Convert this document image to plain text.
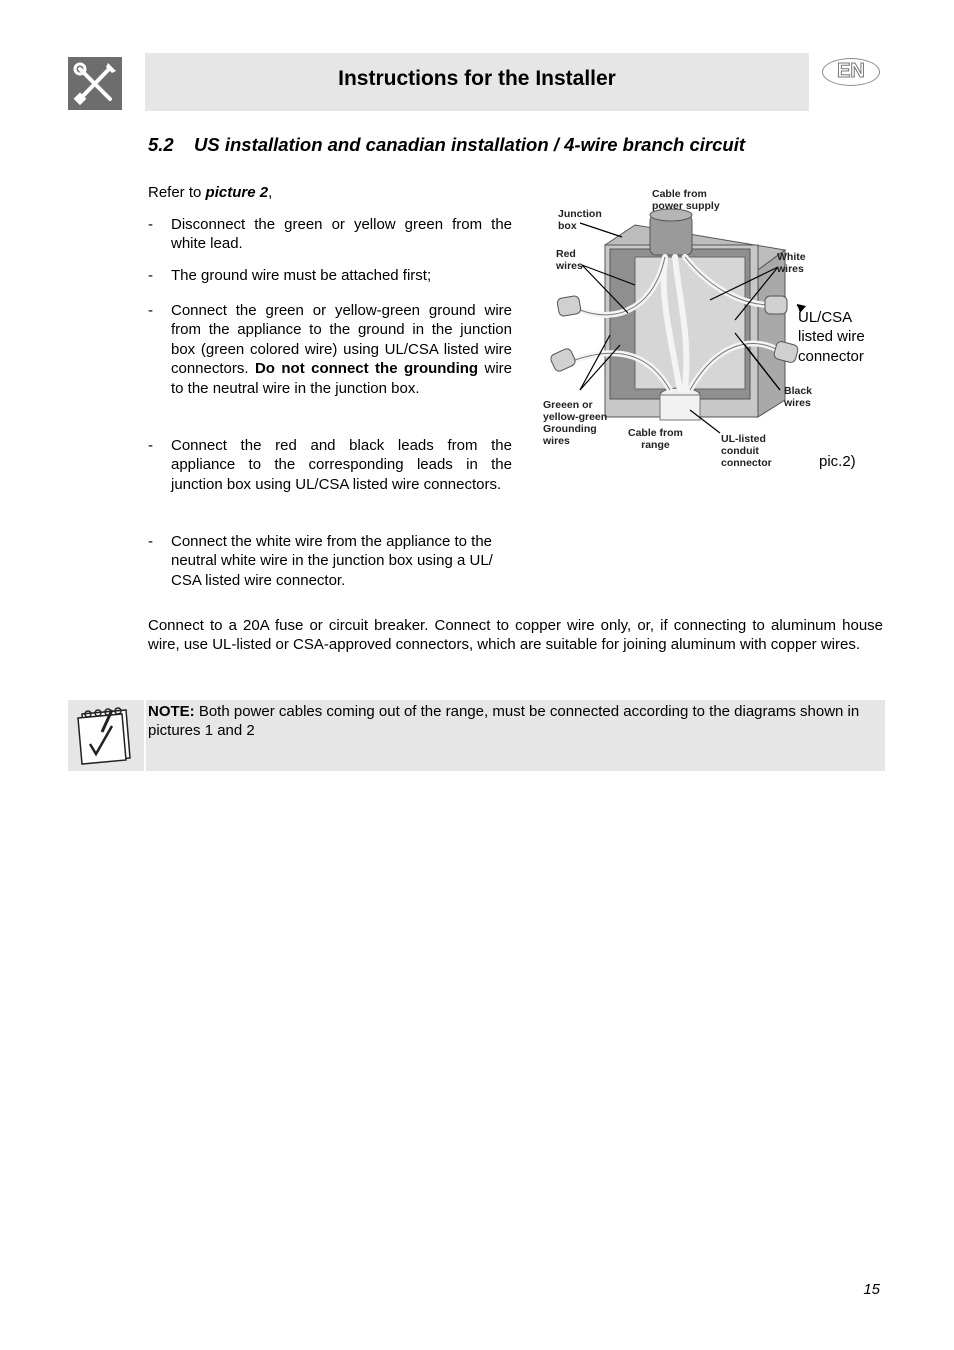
Instructions for the Installer	EN
5.2 US installation and canadian installation / 4-wire branch circuit
Refer to picture 2,
- Disconnect the green or yellow green from the white lead.
- The ground wire must be attached first;
- Connect the green or yellow-green ground wire from the appliance to the ground in the junction box (green colored wire) using UL/CSA listed wire connectors. Do not connect the grounding wire to the neutral wire in the junction box.
- Connect the red and black leads from the appliance to the corresponding leads in the junction box using UL/CSA listed wire connectors.
- Connect the white wire from the appliance to the neutral white wire in the junction box using a UL/ CSA listed wire connector.
Cable from
power supply
Junction
box
Red
wires
White
wires
UL/CSA
listed wire
connector
Black
wires
Greeen or
yellow-green
Grounding
wires
Cable from
range	UL-listed
conduit
connector	pic.2)
Connect to a 20A fuse or circuit breaker. Connect to copper wire only, or, if connecting to aluminum house wire, use UL-listed or CSA-approved connectors, which are suitable for joining aluminum with copper wires.
NOTE: Both power cables coming out of the range, must be connected according to the diagrams shown in pictures 1 and 2
15
